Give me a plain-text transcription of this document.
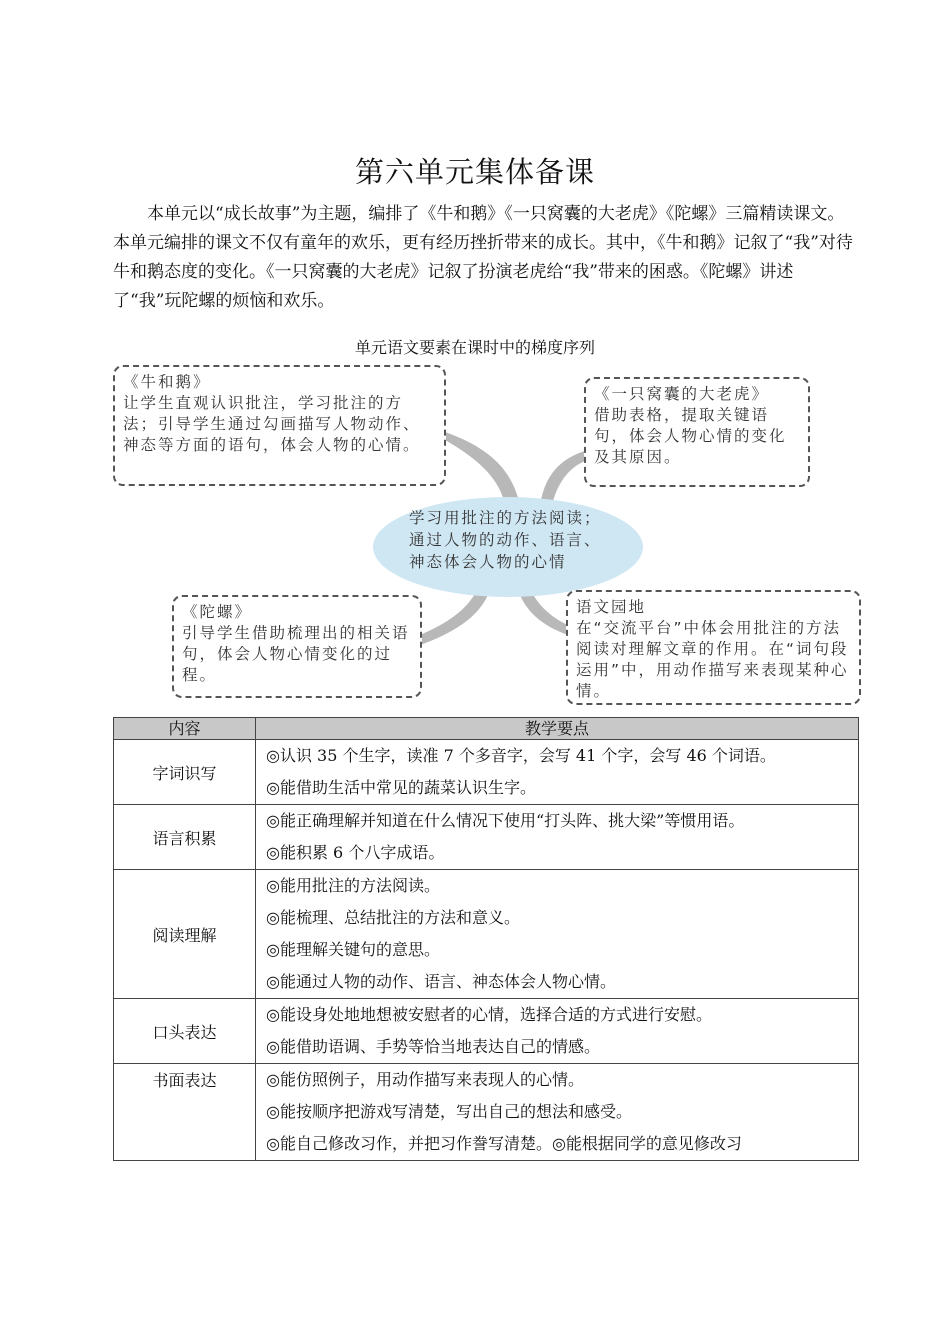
第六单元集体备课

本单元以“成长故事”为主题，编排了《牛和鹅》《一只窝囊的大老虎》《陀螺》三篇精读课文。本单元编排的课文不仅有童年的欢乐，更有经历挫折带来的成长。其中，《牛和鹅》记叙了“我”对待牛和鹅态度的变化。《一只窝囊的大老虎》记叙了扮演老虎给“我”带来的困惑。《陀螺》讲述了“我”玩陀螺的烦恼和欢乐。

单元语文要素在课时中的梯度序列
《牛和鹅》
让学生直观认识批注，学习批注的方法；引导学生通过勾画描写人物动作、神态等方面的语句，体会人物的心情。
《一只窝囊的大老虎》
借助表格，提取关键语句，体会人物心情的变化及其原因。
学习用批注的方法阅读；
通过人物的动作、语言、
神态体会人物的心情
《陀螺》
引导学生借助梳理出的相关语句，体会人物心情变化的过程。
语文园地
在“交流平台”中体会用批注的方法阅读对理解文章的作用。在“词句段运用”中，用动作描写来表现某种心情。
内容	教学要点
字词识写	◎认识 35 个生字，读准 7 个多音字，会写 41 个字，会写 46 个词语。
◎能借助生活中常见的蔬菜认识生字。

语言积累	◎能正确理解并知道在什么情况下使用“打头阵、挑大梁”等惯用语。
◎能积累 6 个八字成语。

阅读理解	◎能用批注的方法阅读。
◎能梳理、总结批注的方法和意义。
◎能理解关键句的意思。
◎能通过人物的动作、语言、神态体会人物心情。

口头表达	◎能设身处地地想被安慰者的心情，选择合适的方式进行安慰。
◎能借助语调、手势等恰当地表达自己的情感。

书面表达	◎能仿照例子，用动作描写来表现人的心情。
◎能按顺序把游戏写清楚，写出自己的想法和感受。
◎能自己修改习作，并把习作誊写清楚。◎能根据同学的意见修改习
